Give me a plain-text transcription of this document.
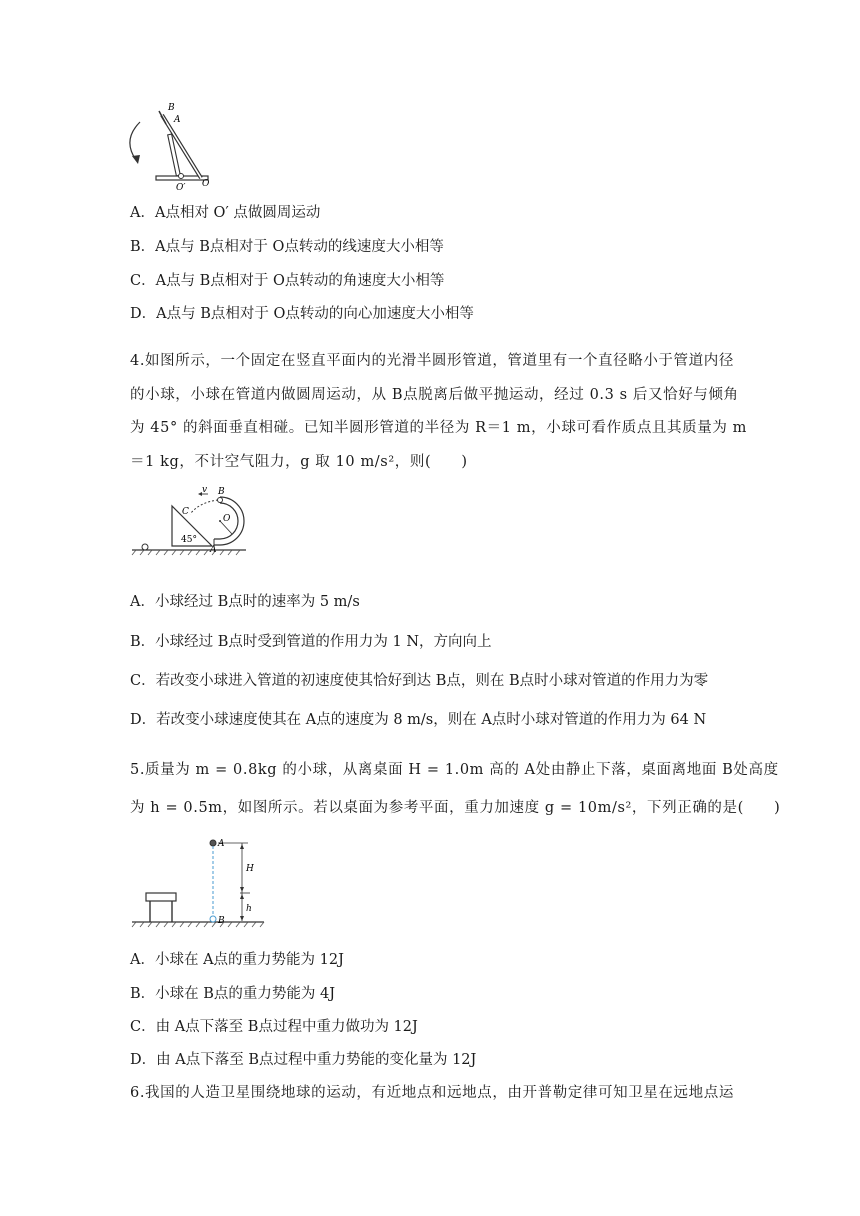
B
A
O′ O
A．A点相对 O′ 点做圆周运动
B．A点与 B点相对于 O点转动的线速度大小相等
C．A点与 B点相对于 O点转动的角速度大小相等
D．A点与 B点相对于 O点转动的向心加速度大小相等
4.如图所示，一个固定在竖直平面内的光滑半圆形管道，管道里有一个直径略小于管道内径
的小球，小球在管道内做圆周运动，从 B点脱离后做平抛运动，经过 0.3 s 后又恰好与倾角
为 45° 的斜面垂直相碰。已知半圆形管道的半径为 R＝1 m，小球可看作质点且其质量为 m
＝1 kg，不计空气阻力，g 取 10 m/s²，则(　　)
45°
v B
C
O
A
A．小球经过 B点时的速率为 5 m/s
B．小球经过 B点时受到管道的作用力为 1 N，方向向上
C．若改变小球进入管道的初速度使其恰好到达 B点，则在 B点时小球对管道的作用力为零
D．若改变小球速度使其在 A点的速度为 8 m/s，则在 A点时小球对管道的作用力为 64 N
5.质量为 m = 0.8kg 的小球，从离桌面 H = 1.0m 高的 A处由静止下落，桌面离地面 B处高度
为 h = 0.5m，如图所示。若以桌面为参考平面，重力加速度 g = 10m/s²，下列正确的是(　　)
A
B
H
h
A．小球在 A点的重力势能为 12J
B．小球在 B点的重力势能为 4J
C．由 A点下落至 B点过程中重力做功为 12J
D．由 A点下落至 B点过程中重力势能的变化量为 12J
6.我国的人造卫星围绕地球的运动，有近地点和远地点，由开普勒定律可知卫星在远地点运
